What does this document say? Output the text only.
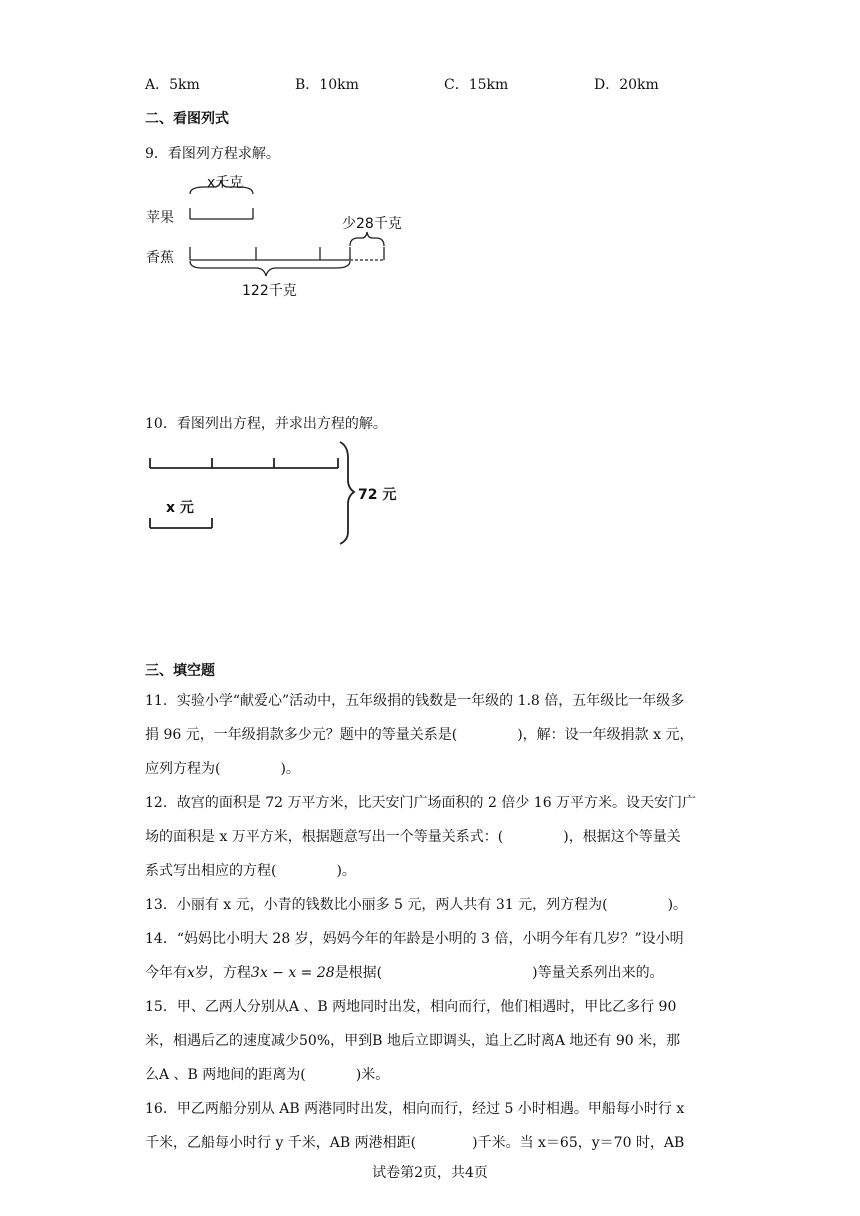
A．5km	B．10km	C．15km	D．20km
二、看图列式
9．看图列方程求解。
x千克
苹果	少28千克
香蕉
122千克
10．看图列出方程，并求出方程的解。
x 元
72 元
三、填空题
11．实验小学“献爱心”活动中，五年级捐的钱数是一年级的 1.8 倍，五年级比一年级多
捐 96 元，一年级捐款多少元？题中的等量关系是(	)，解：设一年级捐款 x 元，
应列方程为(	)。
12．故宫的面积是 72 万平方米，比天安门广场面积的 2 倍少 16 万平方米。设天安门广
场的面积是 x 万平方米，根据题意写出一个等量关系式：(	)，根据这个等量关
系式写出相应的方程(	)。
13．小丽有 x 元，小青的钱数比小丽多 5 元，两人共有 31 元，列方程为(	)。
14．“妈妈比小明大 28 岁，妈妈今年的年龄是小明的 3 倍，小明今年有几岁？”设小明
今年有x岁，方程3x − x = 28是根据(	)等量关系列出来的。
15．甲、乙两人分别从A 、B 两地同时出发，相向而行，他们相遇时，甲比乙多行 90
米，相遇后乙的速度减少50%，甲到B 地后立即调头，追上乙时离A 地还有 90 米，那
么A 、B 两地间的距离为(	)米。
16．甲乙两船分别从 AB 两港同时出发，相向而行，经过 5 小时相遇。甲船每小时行 x
千米，乙船每小时行 y 千米，AB 两港相距(	)千米。当 x＝65，y＝70 时，AB
试卷第2页，共4页
